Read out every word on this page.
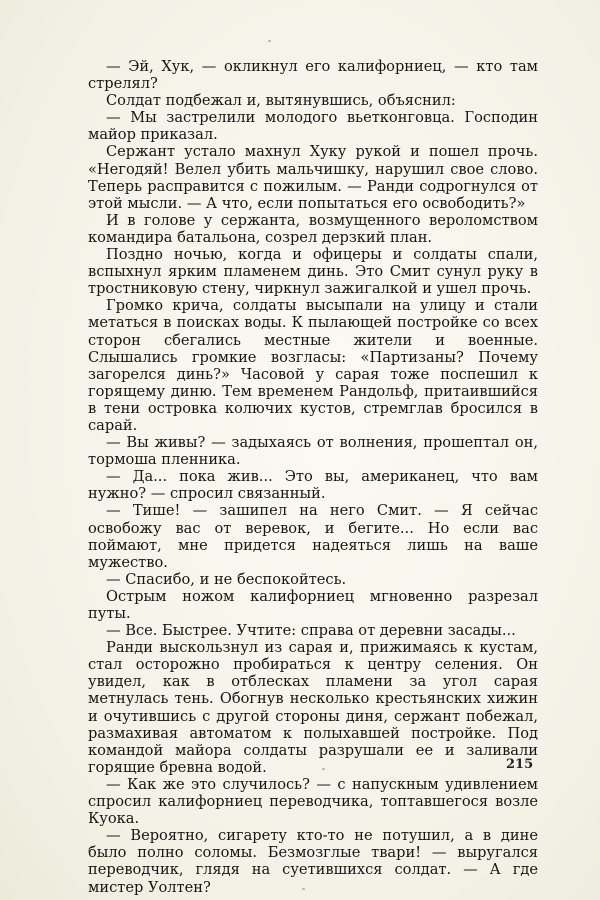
— Эй, Хук, — окликнул его калифорниец, — кто там стрелял?

Солдат подбежал и, вытянувшись, объяснил:

— Мы застрелили молодого вьетконговца. Господин майор приказал.

Сержант устало махнул Хуку рукой и пошел прочь. «Негодяй! Велел убить мальчишку, нарушил свое слово. Теперь расправится с пожилым. — Ранди содрогнулся от этой мысли. — А что, если попытаться его освободить?»

И в голове у сержанта, возмущенного вероломством командира батальона, созрел дерзкий план.

Поздно ночью, когда и офицеры и солдаты спали, вспыхнул ярким пламенем динь. Это Смит сунул руку в тростниковую стену, чиркнул зажигалкой и ушел прочь.

Громко крича, солдаты высыпали на улицу и стали метаться в поисках воды. К пылающей постройке со всех сторон сбегались местные жители и военные. Слышались громкие возгласы: «Партизаны? Почему загорелся динь?» Часовой у сарая тоже поспешил к горящему диню. Тем временем Рандольф, притаившийся в тени островка колючих кустов, стремглав бросился в сарай.

— Вы живы? — задыхаясь от волнения, прошептал он, тормоша пленника.

— Да... пока жив... Это вы, американец, что вам нужно? — спросил связанный.

— Тише! — зашипел на него Смит. — Я сейчас освобожу вас от веревок, и бегите... Но если вас поймают, мне придется надеяться лишь на ваше мужество.

— Спасибо, и не беспокойтесь.

Острым ножом калифорниец мгновенно разрезал путы.

— Все. Быстрее. Учтите: справа от деревни засады...

Ранди выскользнул из сарая и, прижимаясь к кустам, стал осторожно пробираться к центру селения. Он увидел, как в отблесках пламени за угол сарая метнулась тень. Обогнув несколько крестьянских хижин и очутившись с другой стороны диня, сержант побежал, размахивая автоматом к полыхавшей постройке. Под командой майора солдаты разрушали ее и заливали горящие бревна водой.

— Как же это случилось? — с напускным удивлением спросил калифорниец переводчика, топтавшегося возле Куока.

— Вероятно, сигарету кто-то не потушил, а в дине было полно соломы. Безмозглые твари! — выругался переводчик, глядя на суетившихся солдат. — А где мистер Уолтен?

215
